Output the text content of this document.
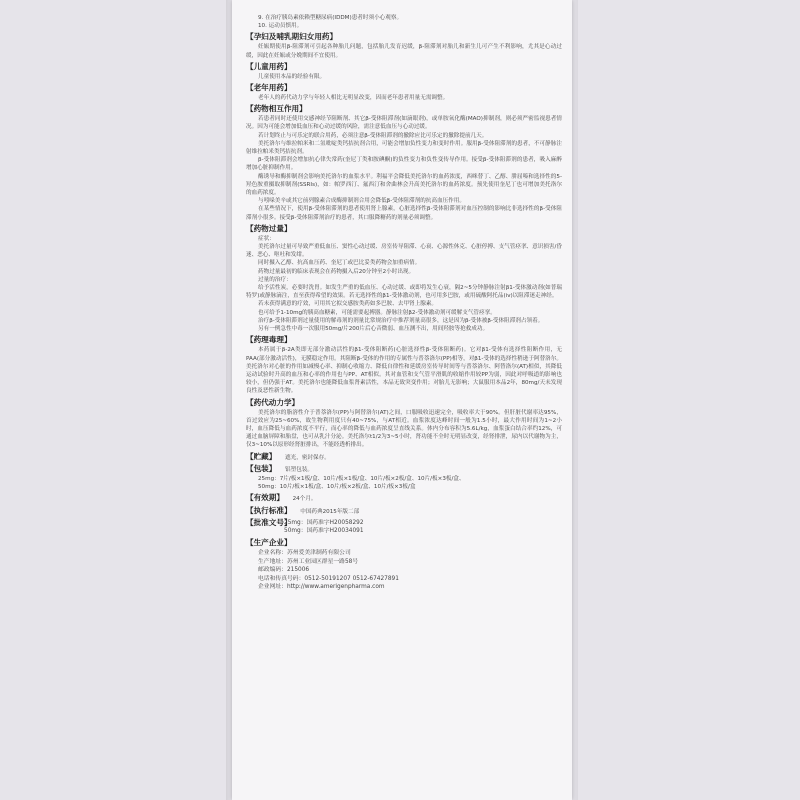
9. 在治疗胰岛素依赖型糖尿病(IDDM)患者时须小心观察。

10. 运动员慎用。

【孕妇及哺乳期妇女用药】

妊娠期使用β-阻滞剂可引起各种胎儿问题，包括胎儿发育迟缓，β-阻滞剂对胎儿和新生儿可产生不利影响，尤其是心动过缓，因此在妊娠或分娩期间不宜使用。

【儿童用药】

儿童使用本品的经验有限。

【老年用药】

老年人的药代动力学与年轻人相比无明显改变，因而老年患者用量无需调整。

【药物相互作用】

若患者同时还使用交感神经节阻断剂、其它β-受体阻滞剂(如滴眼剂)，或单胺氧化酶(MAO)抑制剂，则必须严密监视患者情况。因为可能会增加低血压和心动过缓的风险，需注意低血压与心动过缓。

若计划终止与可乐定的联合用药，必须注意β-受体阻滞剂的撤除应比可乐定的撤除提前几天。

美托洛尔与维拉帕米和二氢吡啶类钙拮抗剂合用，可能会增加负性变力和变时作用。服用β-受体阻滞剂的患者，不可静脉注射维拉帕米类钙拮抗剂。

β-受体阻滞剂会增加抗心律失常药(奎尼丁类和胺碘酮)的负性变力和负性变传导作用。接受β-受体阻滞剂的患者，吸入麻醉增加心脏抑制作用。

酶诱导和酶抑制剂会影响美托洛尔的血浆水平。利福平会降低美托洛尔的血药浓度，西咪替丁、乙醇、肼屈嗪和选择性的5-羟色胺重摄取抑制剂(SSRIs)，如：帕罗西汀、氟西汀和舍曲林会升高美托洛尔的血药浓度。预先使用奎尼丁也可增加美托洛尔的血药浓度。

与吲哚美辛或其它前列腺素合成酶抑制剂合用会降低β-受体阻滞剂的抗高血压作用。

在某些情况下，使用β-受体阻滞剂的患者使用肾上腺素，心脏选择性β-受体阻滞剂对血压控制的影响比非选择性的β-受体阻滞剂小很多。接受β-受体阻滞剂治疗的患者，其口服降糖药的剂量必须调整。

【药物过量】

症状：

美托洛尔过量可导致严重低血压、窦性心动过缓、房室传导阻滞、心衰、心源性休克、心脏停搏、支气管痉挛、意识损害/昏迷、恶心、呕吐和发绀。

同时摄入乙醇、抗高血压药、奎尼丁或巴比妥类药物会加重病情。

药物过量最初的临床表现会在药物摄入后20分钟至2小时出现。

过量的治疗：

给予活性炭，必要时洗胃。如发生严重的低血压、心动过缓、或即将发生心衰，隔2~5分钟静脉注射β1-受体激动剂(如普瑞特罗)或静脉滴注，直至获得希望的效果。若无选择性的β1-受体激动剂，也可用多巴胺，或用硫酸阿托品(iv)以阻滞迷走神经。

若未获得满意的疗效，可用其它拟交感胺类药如多巴胺、去甲肾上腺素。

也可给予1-10mg的胰高血糖素，可能需要起搏器。静脉注射β2-受体激动剂可缓解支气管痉挛。

治疗β-受体阻滞剂过量使用的解毒剂的剂量比常规治疗中推荐剂量高很多，这是因为β-受体被β-受体阻滞剂占领着。

另有一例急性中毒一次服用50mg/片200片后心音微弱、血压测不出，用间羟胺等抢救成功。

【药理毒理】

本药属于β-2A类即无部分激动活性的β1-受体阻断药(心脏选择性β-受体阻断药)。它对β1-受体有选择性阻断作用，无PAA(部分激动活性)，无膜稳定作用。其阻断β-受体的作用的专属性与普萘洛尔(PP)相等，对β1-受体的选择性稍逊于阿替洛尔。美托洛尔对心脏的作用如减慢心率、抑制心收缩力、降低自律性和延缓房室传导时间等与普萘洛尔、阿替洛尔(AT)相似，其降低运动试验时升高的血压和心率的作用也与PP、AT相似。其对血管和支气管平滑肌的收缩作用较PP为弱，因此对呼吸道的影响也较小，但仍强于AT。美托洛尔也能降低血浆肾素活性，本品无致突变作用；对胎儿无影响；大鼠服用本品2年，80mg/天未发现良性及恶性新生物。

【药代动力学】

美托洛尔的脂溶性介于普萘洛尔(PP)与阿替洛尔(AT)之间，口服吸收迅速完全，吸收率大于90%。但肝脏代谢率达95%，首过效应为25~60%，故生物利用度只有40~75%，与AT相近。血浆浓度达峰时间一般为1.5小时，最大作用时间为1~2小时，血压降低与血药浓度不平行，而心率的降低与血药浓度呈直线关系。体内分布容积为5.6L/kg，血浆蛋白结合率约12%，可通过血脑屏障和胎盘，也可从乳汁分泌。美托洛尔t1/2为3~5小时，肾功能不全时无明显改变，经肾排泄，尿内以代谢物为主，仅3~10%以原形经肾脏排出，不能经透析排出。

【贮藏】 遮光，密封保存。
【包装】 铝塑包装。
25mg：7片/板×1板/盒、10片/板×1板/盒、10片/板×2板/盒、10片/板×3板/盒、
50mg：10片/板×1板/盒、10片/板×2板/盒、10片/板×3板/盒
【有效期】 24个月。
【执行标准】 中国药典2015年版二部
【批准文号】
25mg：国药准字H20058292
50mg：国药准字H20034091
【生产企业】
企业名称：苏州爱美津制药有限公司
生产地址：苏州工业园区群星一路58号
邮政编码：215006
电话和传真号码：0512-50191207 0512-67427891
企业网址：http://www.amerigenpharma.com
